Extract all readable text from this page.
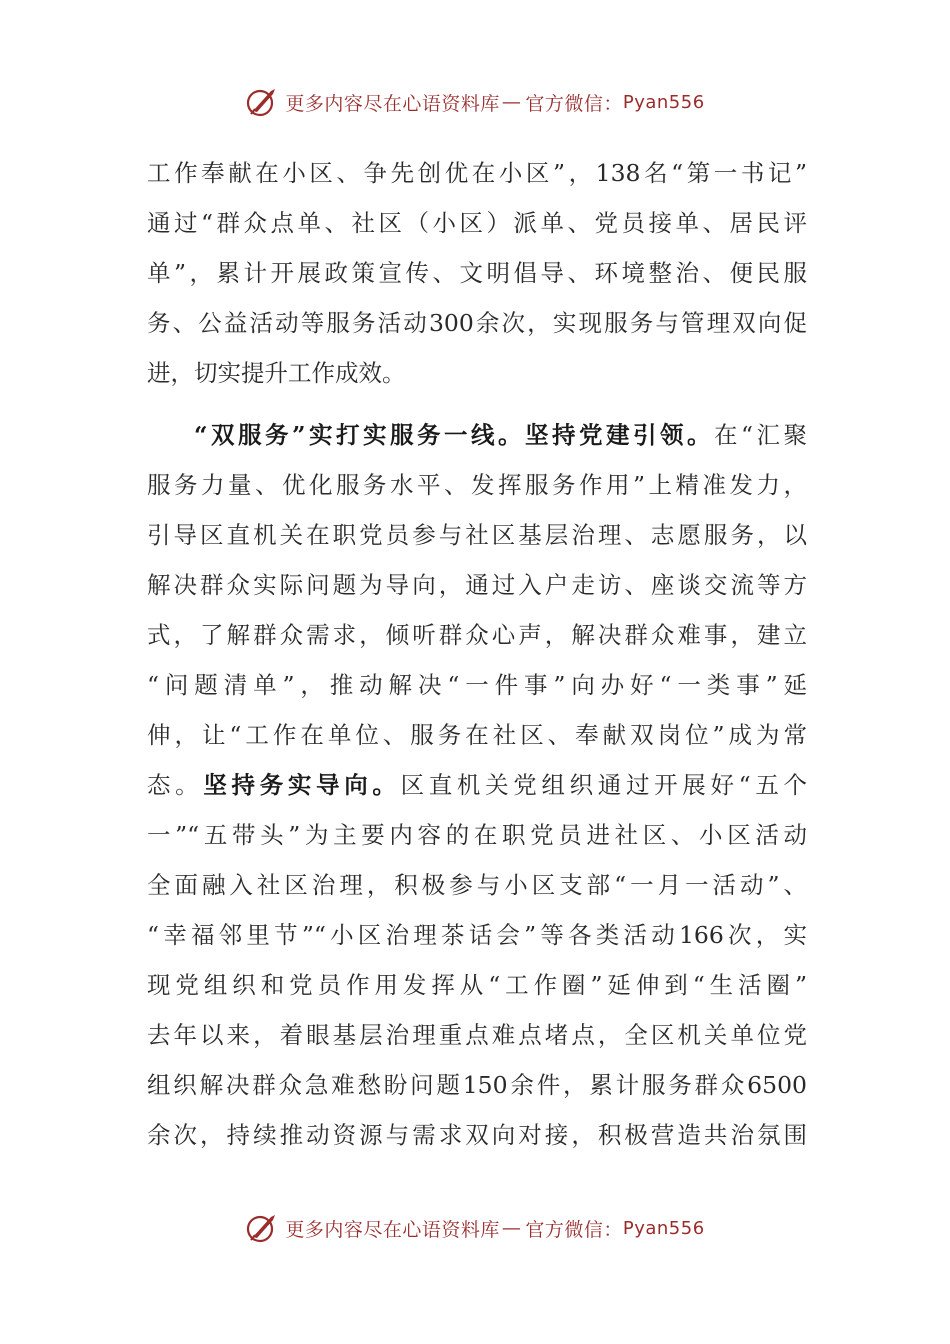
更多内容尽在心语资料库 — 官方微信： Pyan556
工作奉献在小区、争先创优在小区”，138名“第一书记”
通过“群众点单、社区（小区）派单、党员接单、居民评
单”，累计开展政策宣传、文明倡导、环境整治、便民服
务、公益活动等服务活动300余次，实现服务与管理双向促
进，切实提升工作成效。
“双服务”实打实服务一线。坚持党建引领。在“汇聚
服务力量、优化服务水平、发挥服务作用”上精准发力，
引导区直机关在职党员参与社区基层治理、志愿服务，以
解决群众实际问题为导向，通过入户走访、座谈交流等方
式，了解群众需求，倾听群众心声，解决群众难事，建立
“问题清单”，推动解决“一件事”向办好“一类事”延
伸，让“工作在单位、服务在社区、奉献双岗位”成为常
态。坚持务实导向。区直机关党组织通过开展好“五个
一”“五带头”为主要内容的在职党员进社区、小区活动
全面融入社区治理，积极参与小区支部“一月一活动”、
“幸福邻里节”“小区治理茶话会”等各类活动166次，实
现党组织和党员作用发挥从“工作圈”延伸到“生活圈”
去年以来，着眼基层治理重点难点堵点，全区机关单位党
组织解决群众急难愁盼问题150余件，累计服务群众6500
余次，持续推动资源与需求双向对接，积极营造共治氛围
更多内容尽在心语资料库 — 官方微信： Pyan556
